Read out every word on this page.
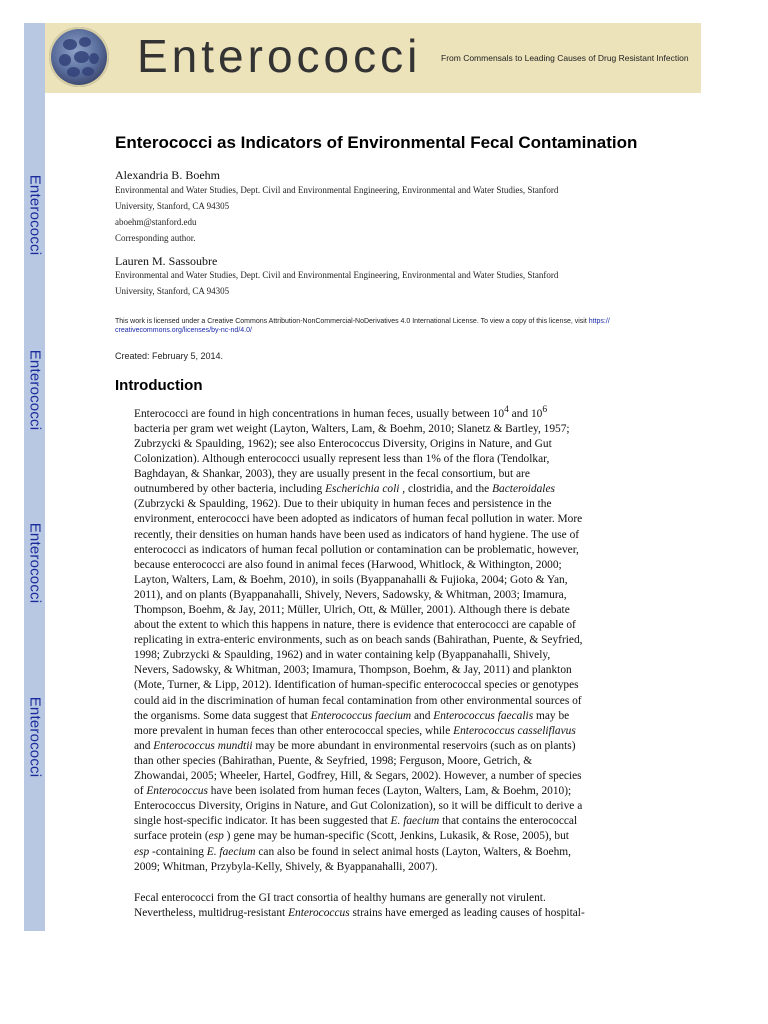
Enterococci
Enterococci
Enterococci
Enterococci
Enterococci From Commensals to Leading Causes of Drug Resistant Infection
Enterococci as Indicators of Environmental Fecal Contamination
Alexandria B. Boehm
Environmental and Water Studies, Dept. Civil and Environmental Engineering, Environmental and Water Studies, Stanford
University, Stanford, CA 94305
aboehm@stanford.edu
Corresponding author.
Lauren M. Sassoubre
Environmental and Water Studies, Dept. Civil and Environmental Engineering, Environmental and Water Studies, Stanford
University, Stanford, CA 94305
This work is licensed under a Creative Commons Attribution-NonCommercial-NoDerivatives 4.0 International License. To view a copy of this license, visit https://
creativecommons.org/licenses/by-nc-nd/4.0/
Created: February 5, 2014.
Introduction
Enterococci are found in high concentrations in human feces, usually between $10^4$ and $10^6$
bacteria per gram wet weight (Layton, Walters, Lam, & Boehm, 2010; Slanetz & Bartley, 1957;
Zubrzycki & Spaulding, 1962); see also Enterococcus Diversity, Origins in Nature, and Gut
Colonization). Although enterococci usually represent less than 1% of the flora (Tendolkar,
Baghdayan, & Shankar, 2003), they are usually present in the fecal consortium, but are
outnumbered by other bacteria, including Escherichia coli , clostridia, and the Bacteroidales
(Zubrzycki & Spaulding, 1962). Due to their ubiquity in human feces and persistence in the
environment, enterococci have been adopted as indicators of human fecal pollution in water. More
recently, their densities on human hands have been used as indicators of hand hygiene. The use of
enterococci as indicators of human fecal pollution or contamination can be problematic, however,
because enterococci are also found in animal feces (Harwood, Whitlock, & Withington, 2000;
Layton, Walters, Lam, & Boehm, 2010), in soils (Byappanahalli & Fujioka, 2004; Goto & Yan,
2011), and on plants (Byappanahalli, Shively, Nevers, Sadowsky, & Whitman, 2003; Imamura,
Thompson, Boehm, & Jay, 2011; Müller, Ulrich, Ott, & Müller, 2001). Although there is debate
about the extent to which this happens in nature, there is evidence that enterococci are capable of
replicating in extra-enteric environments, such as on beach sands (Bahirathan, Puente, & Seyfried,
1998; Zubrzycki & Spaulding, 1962) and in water containing kelp (Byappanahalli, Shively,
Nevers, Sadowsky, & Whitman, 2003; Imamura, Thompson, Boehm, & Jay, 2011) and plankton
(Mote, Turner, & Lipp, 2012). Identification of human-specific enterococcal species or genotypes
could aid in the discrimination of human fecal contamination from other environmental sources of
the organisms. Some data suggest that Enterococcus faecium and Enterococcus faecalis may be
more prevalent in human feces than other enterococcal species, while Enterococcus casseliflavus
and Enterococcus mundtii may be more abundant in environmental reservoirs (such as on plants)
than other species (Bahirathan, Puente, & Seyfried, 1998; Ferguson, Moore, Getrich, &
Zhowandai, 2005; Wheeler, Hartel, Godfrey, Hill, & Segars, 2002). However, a number of species
of Enterococcus have been isolated from human feces (Layton, Walters, Lam, & Boehm, 2010);
Enterococcus Diversity, Origins in Nature, and Gut Colonization), so it will be difficult to derive a
single host-specific indicator. It has been suggested that E. faecium that contains the enterococcal
surface protein (esp ) gene may be human-specific (Scott, Jenkins, Lukasik, & Rose, 2005), but
esp -containing E. faecium can also be found in select animal hosts (Layton, Walters, & Boehm,
2009; Whitman, Przybyla-Kelly, Shively, & Byappanahalli, 2007).
Fecal enterococci from the GI tract consortia of healthy humans are generally not virulent.
Nevertheless, multidrug-resistant Enterococcus strains have emerged as leading causes of hospital-
